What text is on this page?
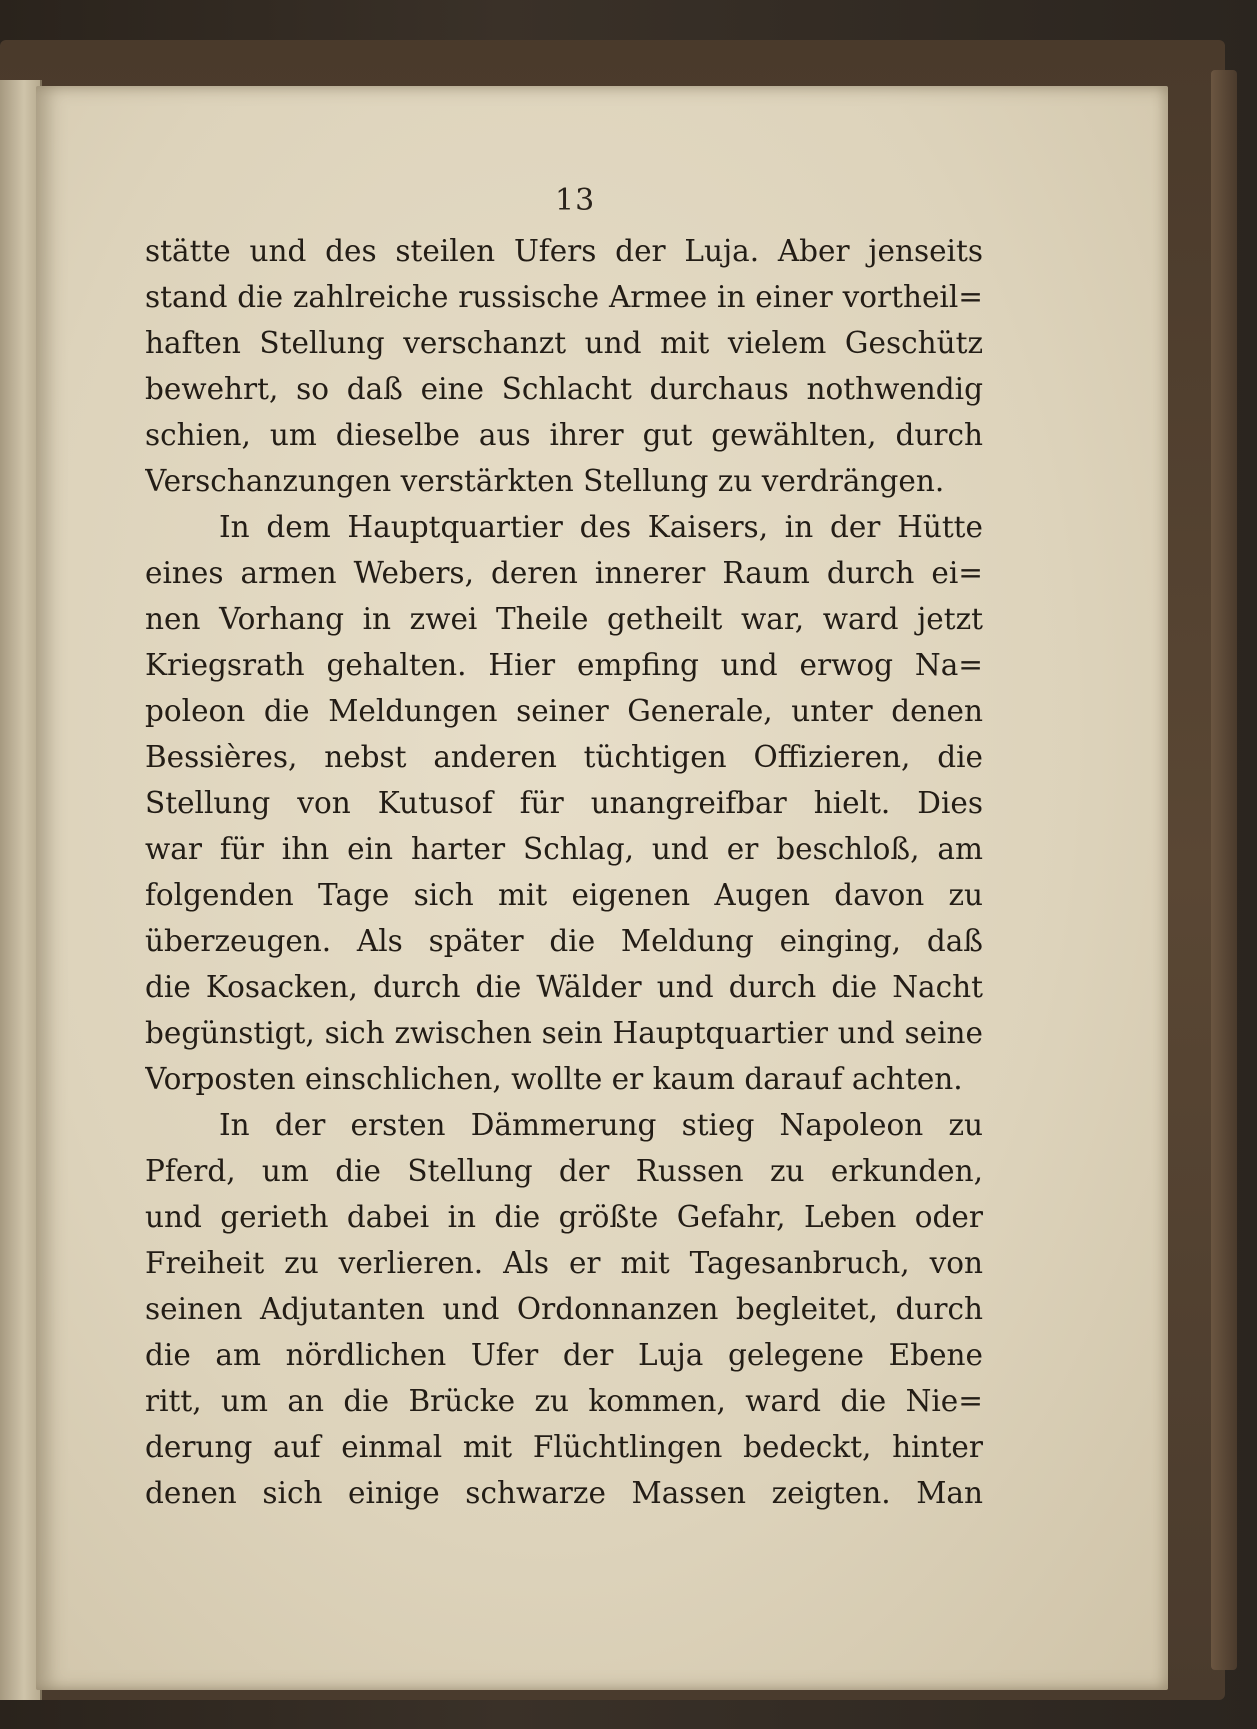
13
stätte und des steilen Ufers der Luja. Aber jenseits
stand die zahlreiche russische Armee in einer vortheil=
haften Stellung verschanzt und mit vielem Geschütz
bewehrt, so daß eine Schlacht durchaus nothwendig
schien, um dieselbe aus ihrer gut gewählten, durch
Verschanzungen verstärkten Stellung zu verdrängen.
In dem Hauptquartier des Kaisers, in der Hütte
eines armen Webers, deren innerer Raum durch ei=
nen Vorhang in zwei Theile getheilt war, ward jetzt
Kriegsrath gehalten. Hier empfing und erwog Na=
poleon die Meldungen seiner Generale, unter denen
Bessières, nebst anderen tüchtigen Offizieren, die
Stellung von Kutusof für unangreifbar hielt. Dies
war für ihn ein harter Schlag, und er beschloß, am
folgenden Tage sich mit eigenen Augen davon zu
überzeugen. Als später die Meldung einging, daß
die Kosacken, durch die Wälder und durch die Nacht
begünstigt, sich zwischen sein Hauptquartier und seine
Vorposten einschlichen, wollte er kaum darauf achten.
In der ersten Dämmerung stieg Napoleon zu
Pferd, um die Stellung der Russen zu erkunden,
und gerieth dabei in die größte Gefahr, Leben oder
Freiheit zu verlieren. Als er mit Tagesanbruch, von
seinen Adjutanten und Ordonnanzen begleitet, durch
die am nördlichen Ufer der Luja gelegene Ebene
ritt, um an die Brücke zu kommen, ward die Nie=
derung auf einmal mit Flüchtlingen bedeckt, hinter
denen sich einige schwarze Massen zeigten. Man
